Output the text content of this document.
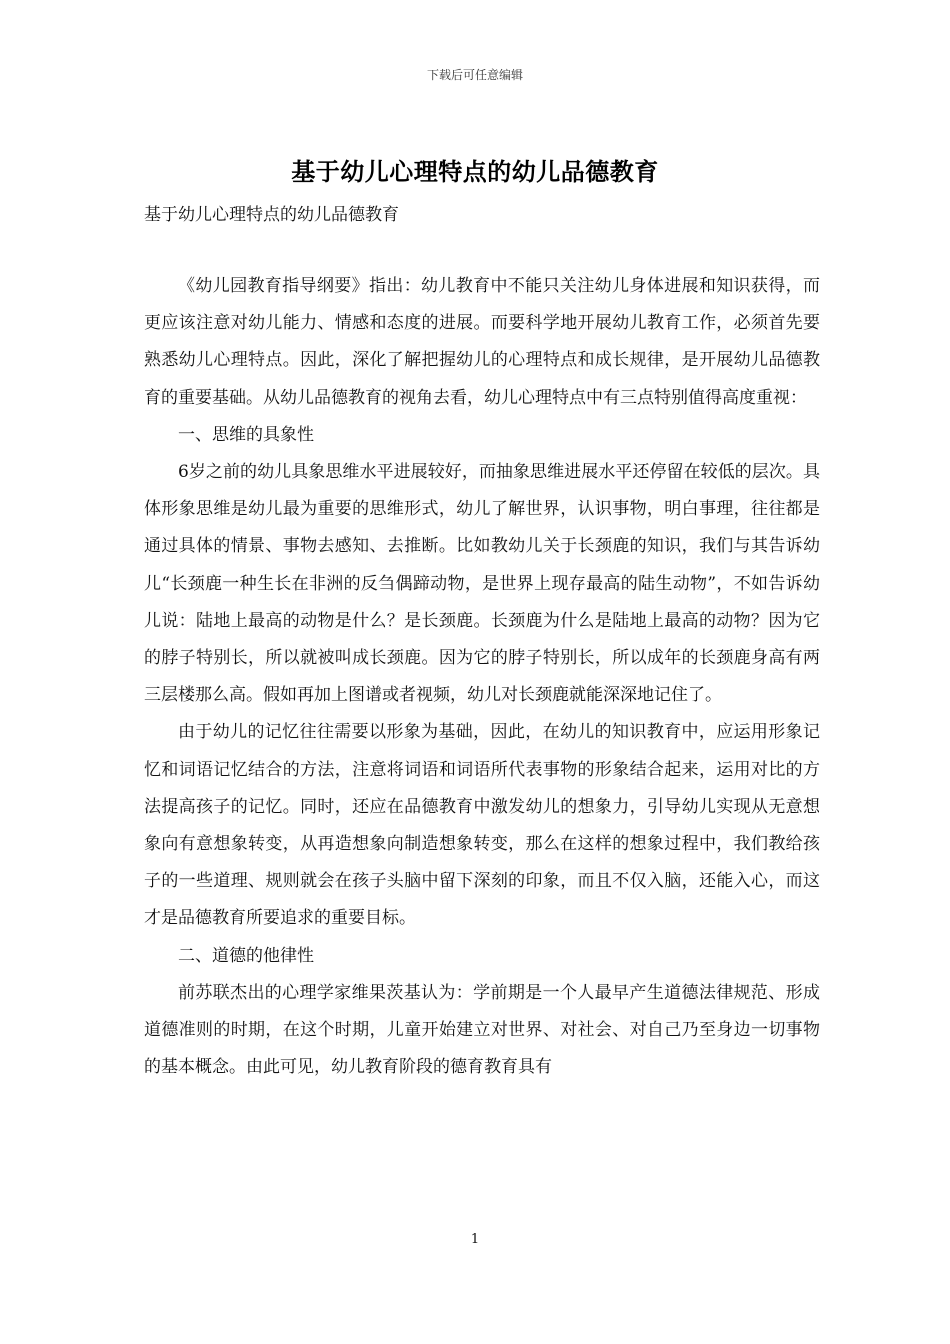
下载后可任意编辑
基于幼儿心理特点的幼儿品德教育
基于幼儿心理特点的幼儿品德教育

《幼儿园教育指导纲要》指出：幼儿教育中不能只关注幼儿身体进展和知识获得，而更应该注意对幼儿能力、情感和态度的进展。而要科学地开展幼儿教育工作，必须首先要熟悉幼儿心理特点。因此，深化了解把握幼儿的心理特点和成长规律，是开展幼儿品德教育的重要基础。从幼儿品德教育的视角去看，幼儿心理特点中有三点特别值得高度重视：

一、思维的具象性

6岁之前的幼儿具象思维水平进展较好，而抽象思维进展水平还停留在较低的层次。具体形象思维是幼儿最为重要的思维形式，幼儿了解世界，认识事物，明白事理，往往都是通过具体的情景、事物去感知、去推断。比如教幼儿关于长颈鹿的知识，我们与其告诉幼儿“长颈鹿一种生长在非洲的反刍偶蹄动物，是世界上现存最高的陆生动物”，不如告诉幼儿说：陆地上最高的动物是什么？是长颈鹿。长颈鹿为什么是陆地上最高的动物？因为它的脖子特别长，所以就被叫成长颈鹿。因为它的脖子特别长，所以成年的长颈鹿身高有两三层楼那么高。假如再加上图谱或者视频，幼儿对长颈鹿就能深深地记住了。

由于幼儿的记忆往往需要以形象为基础，因此，在幼儿的知识教育中，应运用形象记忆和词语记忆结合的方法，注意将词语和词语所代表事物的形象结合起来，运用对比的方法提高孩子的记忆。同时，还应在品德教育中激发幼儿的想象力，引导幼儿实现从无意想象向有意想象转变，从再造想象向制造想象转变，那么在这样的想象过程中，我们教给孩子的一些道理、规则就会在孩子头脑中留下深刻的印象，而且不仅入脑，还能入心，而这才是品德教育所要追求的重要目标。

二、道德的他律性

前苏联杰出的心理学家维果茨基认为：学前期是一个人最早产生道德法律规范、形成道德准则的时期，在这个时期，儿童开始建立对世界、对社会、对自己乃至身边一切事物的基本概念。由此可见，幼儿教育阶段的德育教育具有

1
